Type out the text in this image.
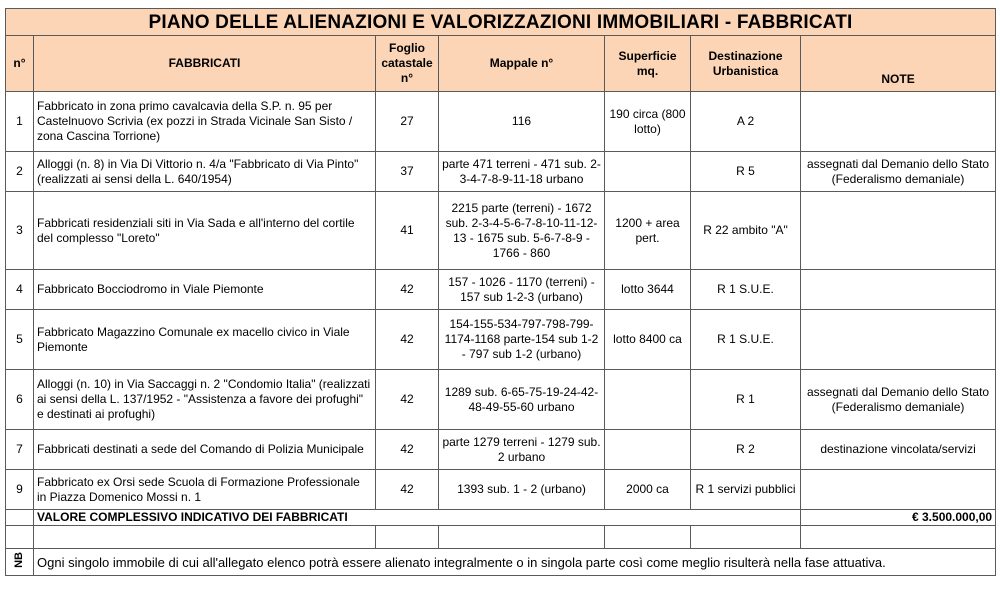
PIANO DELLE ALIENAZIONI E VALORIZZAZIONI IMMOBILIARI - FABBRICATI						
n°	FABBRICATI	Foglio catastale n°	Mappale n°	Superficie mq.	Destinazione Urbanistica	NOTE
1	Fabbricato in zona primo cavalcavia della S.P. n. 95 per Castelnuovo Scrivia (ex pozzi in Strada Vicinale San Sisto / zona Cascina Torrione)	27	116	190 circa (800 lotto)	A 2	
2	Alloggi (n. 8) in Via Di Vittorio n. 4/a "Fabbricato di Via Pinto" (realizzati ai sensi della L. 640/1954)	37	parte 471 terreni - 471 sub. 2-3-4-7-8-9-11-18 urbano		R 5	assegnati dal Demanio dello Stato (Federalismo demaniale)
3	Fabbricati residenziali siti in Via Sada e all'interno del cortile del complesso "Loreto"	41	2215 parte (terreni) - 1672 sub. 2-3-4-5-6-7-8-10-11-12-13 - 1675 sub. 5-6-7-8-9 - 1766 - 860	1200 + area pert.	R 22 ambito "A"	
4	Fabbricato Bocciodromo in Viale Piemonte	42	157 - 1026 - 1170 (terreni) - 157 sub 1-2-3 (urbano)	lotto 3644	R 1 S.U.E.	
5	Fabbricato Magazzino Comunale ex macello civico in Viale Piemonte	42	154-155-534-797-798-799-1174-1168 parte-154 sub 1-2 - 797 sub 1-2 (urbano)	lotto 8400 ca	R 1 S.U.E.	
6	Alloggi (n. 10) in Via Saccaggi n. 2 "Condomio Italia" (realizzati ai sensi della L. 137/1952 - "Assistenza a favore dei profughi" e destinati ai profughi)	42	1289 sub. 6-65-75-19-24-42-48-49-55-60 urbano		R 1	assegnati dal Demanio dello Stato (Federalismo demaniale)
7	Fabbricati destinati a sede del Comando di Polizia Municipale	42	parte 1279 terreni - 1279 sub. 2 urbano		R 2	destinazione vincolata/servizi
9	Fabbricato ex Orsi sede Scuola di Formazione Professionale in Piazza Domenico Mossi n. 1	42	1393 sub. 1 - 2 (urbano)	2000 ca	R 1 servizi pubblici	
	VALORE COMPLESSIVO INDICATIVO DEI FABBRICATI					€ 3.500.000,00

NB	Ogni singolo immobile di cui all'allegato elenco potrà essere alienato integralmente o in singola parte così come meglio risulterà nella fase attuativa.					
